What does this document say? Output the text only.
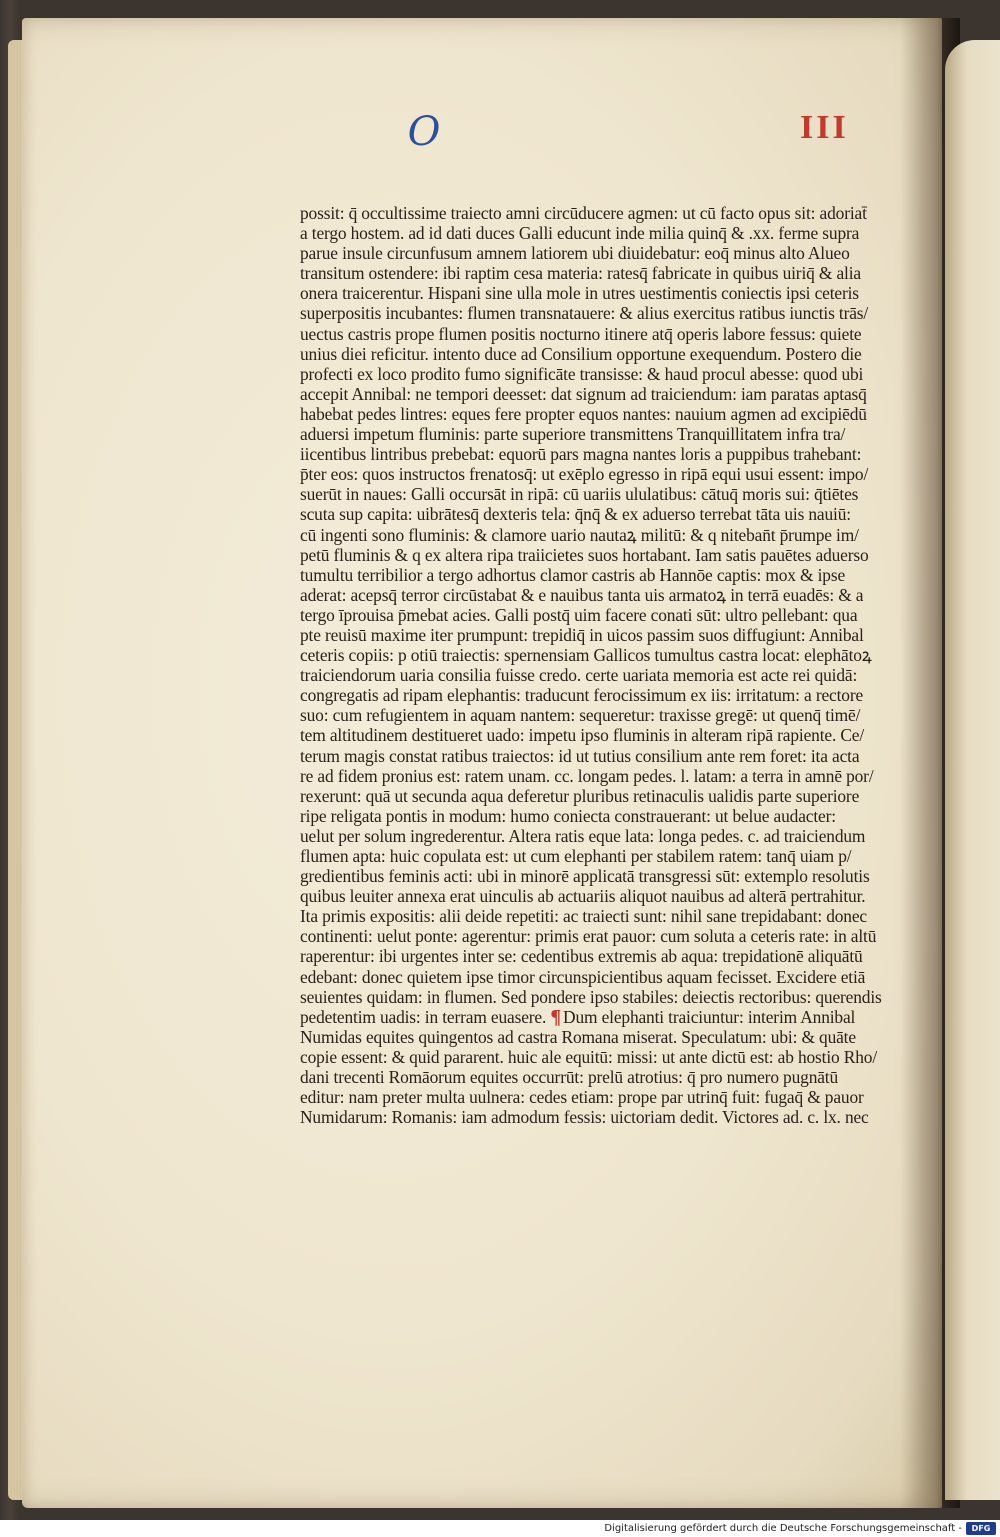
O	III
possit: q̄ occultissime traiecto amni circūducere agmen: ut cū facto opus sit: adoriat̄
a tergo hostem. ad id dati duces Galli educunt inde milia quinq̄ & .xx. ferme supra
parue insule circunfusum amnem latiorem ubi diuidebatur: eoq̄ minus alto Alueo
transitum ostendere: ibi raptim cesa materia: ratesq̄ fabricate in quibus uiriq̄ & alia
onera traicerentur. Hispani sine ulla mole in utres uestimentis coniectis ipsi ceteris
superpositis incubantes: flumen transnatauere: & alius exercitus ratibus iunctis trās/
uectus castris prope flumen positis nocturno itinere atq̄ operis labore fessus: quiete
unius diei reficitur. intento duce ad Consilium opportune exequendum. Postero die
profecti ex loco prodito fumo significāte transisse: & haud procul abesse: quod ubi
accepit Annibal: ne tempori deesset: dat signum ad traiciendum: iam paratas aptasq̄
habebat pedes lintres: eques fere propter equos nantes: nauium agmen ad excipiēdū
aduersi impetum fluminis: parte superiore transmittens Tranquillitatem infra tra/
iicentibus lintribus prebebat: equorū pars magna nantes loris a puppibus trahebant:
p̄ter eos: quos instructos frenatosq̄: ut exēplo egresso in ripā equi usui essent: impo/
suerūt in naues: Galli occursāt in ripā: cū uariis ululatibus: cātuq̄ moris sui: q̄tiētes
scuta sup capita: uibrātesq̄ dexteris tela: q̄nq̄ & ex aduerso terrebat tāta uis nauiū:
cū ingenti sono fluminis: & clamore uario nautaꝝ militū: & q niteban̄t p̄rumpe im/
petū fluminis & q ex altera ripa traiicietes suos hortabant. Iam satis pauētes aduerso
tumultu terribilior a tergo adhortus clamor castris ab Hannōe captis: mox & ipse
aderat: acepsq̄ terror circūstabat & e nauibus tanta uis armatoꝝ in terrā euadēs: & a
tergo īprouisa p̄mebat acies. Galli postq̄ uim facere conati sūt: ultro pellebant: qua
pte reuisū maxime iter prumpunt: trepidiq̄ in uicos passim suos diffugiunt: Annibal
ceteris copiis: p otiū traiectis: spernensiam Gallicos tumultus castra locat: elephātoꝝ
traiciendorum uaria consilia fuisse credo. certe uariata memoria est acte rei quidā:
congregatis ad ripam elephantis: traducunt ferocissimum ex iis: irritatum: a rectore
suo: cum refugientem in aquam nantem: sequeretur: traxisse gregē: ut quenq̄ timē/
tem altitudinem destitueret uado: impetu ipso fluminis in alteram ripā rapiente. Ce/
terum magis constat ratibus traiectos: id ut tutius consilium ante rem foret: ita acta
re ad fidem pronius est: ratem unam. cc. longam pedes. l. latam: a terra in amnē por/
rexerunt: quā ut secunda aqua deferetur pluribus retinaculis ualidis parte superiore
ripe religata pontis in modum: humo coniecta constrauerant: ut belue audacter:
uelut per solum ingrederentur. Altera ratis eque lata: longa pedes. c. ad traiciendum
flumen apta: huic copulata est: ut cum elephanti per stabilem ratem: tanq̄ uiam p/
gredientibus feminis acti: ubi in minorē applicatā transgressi sūt: extemplo resolutis
quibus leuiter annexa erat uinculis ab actuariis aliquot nauibus ad alterā pertrahitur.
Ita primis expositis: alii deide repetiti: ac traiecti sunt: nihil sane trepidabant: donec
continenti: uelut ponte: agerentur: primis erat pauor: cum soluta a ceteris rate: in altū
raperentur: ibi urgentes inter se: cedentibus extremis ab aqua: trepidationē aliquātū
edebant: donec quietem ipse timor circunspicientibus aquam fecisset. Excidere etiā
seuientes quidam: in flumen. Sed pondere ipso stabiles: deiectis rectoribus: querendis
pedetentim uadis: in terram euasere. ¶ Dum elephanti traiciuntur: interim Annibal
Numidas equites quingentos ad castra Romana miserat. Speculatum: ubi: & quāte
copie essent: & quid pararent. huic ale equitū: missi: ut ante dictū est: ab hostio Rho/
dani trecenti Romāorum equites occurrūt: prelū atrotius: q̄ pro numero pugnātū
editur: nam preter multa uulnera: cedes etiam: prope par utrinq̄ fuit: fugaq̄ & pauor
Numidarum: Romanis: iam admodum fessis: uictoriam dedit. Victores ad. c. lx. nec
Digitalisierung gefördert durch die Deutsche Forschungsgemeinschaft -	DFG
